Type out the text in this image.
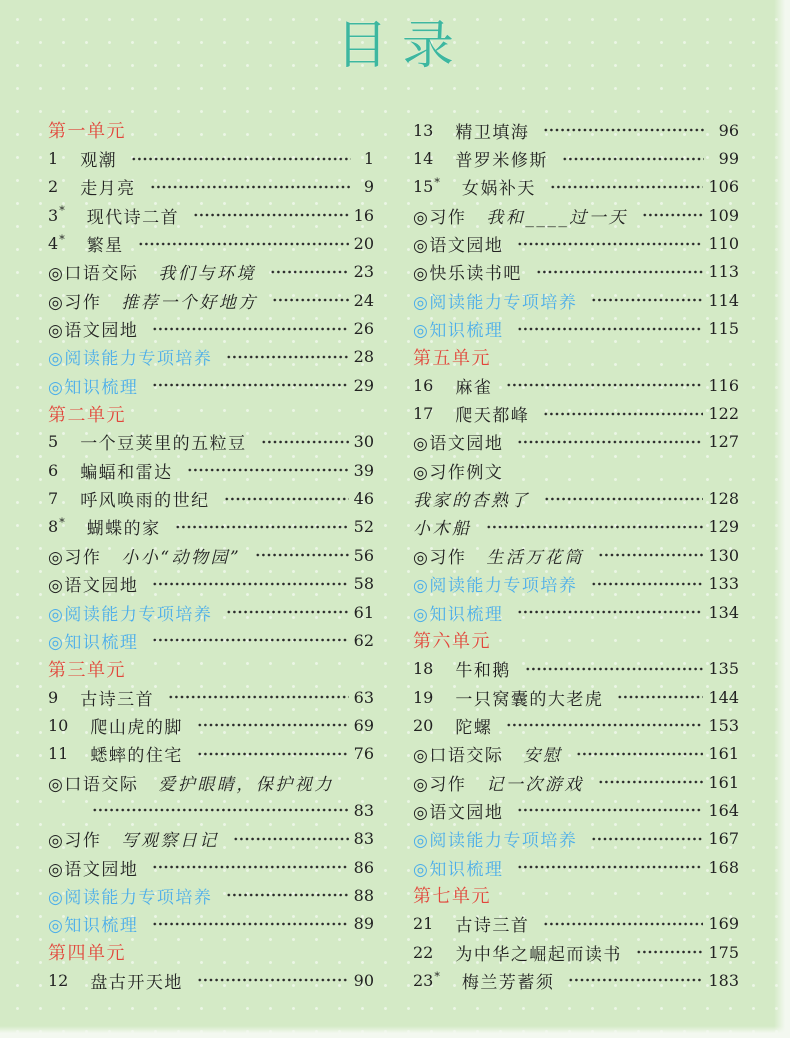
目录
第一单元
1 观潮	1
2 走月亮	9
3* 现代诗二首	16
4* 繁星	20
◎口语交际 我们与环境	23
◎习作 推荐一个好地方	24
◎语文园地	26
◎阅读能力专项培养	28
◎知识梳理	29
第二单元
5 一个豆荚里的五粒豆	30
6 蝙蝠和雷达	39
7 呼风唤雨的世纪	46
8* 蝴蝶的家	52
◎习作 小小“动物园”	56
◎语文园地	58
◎阅读能力专项培养	61
◎知识梳理	62
第三单元
9 古诗三首	63
10 爬山虎的脚	69
11 蟋蟀的住宅	76
◎口语交际 爱护眼睛，保护视力
83
◎习作 写观察日记	83
◎语文园地	86
◎阅读能力专项培养	88
◎知识梳理	89
第四单元
12 盘古开天地	90
13 精卫填海	96
14 普罗米修斯	99
15* 女娲补天	106
◎习作 我和____过一天	109
◎语文园地	110
◎快乐读书吧	113
◎阅读能力专项培养	114
◎知识梳理	115
第五单元
16 麻雀	116
17 爬天都峰	122
◎语文园地	127
◎习作例文
我家的杏熟了	128
小木船	129
◎习作 生活万花筒	130
◎阅读能力专项培养	133
◎知识梳理	134
第六单元
18 牛和鹅	135
19 一只窝囊的大老虎	144
20 陀螺	153
◎口语交际 安慰	161
◎习作 记一次游戏	161
◎语文园地	164
◎阅读能力专项培养	167
◎知识梳理	168
第七单元
21 古诗三首	169
22 为中华之崛起而读书	175
23* 梅兰芳蓄须	183
